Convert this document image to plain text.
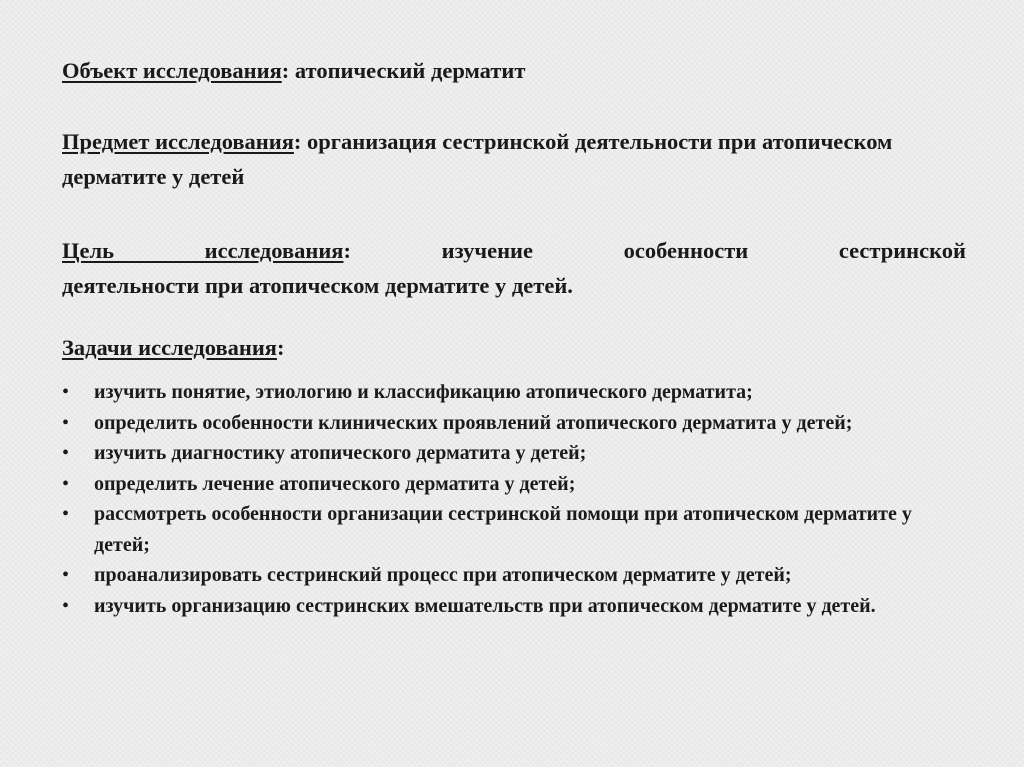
Объект исследования: атопический дерматит

Предмет исследования: организация сестринской деятельности при атопическом дерматите у детей

Цель исследования: изучение особенности сестринской
деятельности при атопическом дерматите у детей.

Задачи исследования:

•	изучить понятие, этиологию и классификацию атопического дерматита;
•	определить особенности клинических проявлений атопического дерматита у детей;
•	изучить диагностику атопического дерматита у детей;
•	определить лечение атопического дерматита у детей;
•	рассмотреть особенности организации сестринской помощи при атопическом дерматите у детей;
•	проанализировать сестринский процесс при атопическом дерматите у детей;
•	изучить организацию сестринских вмешательств при атопическом дерматите у детей.
